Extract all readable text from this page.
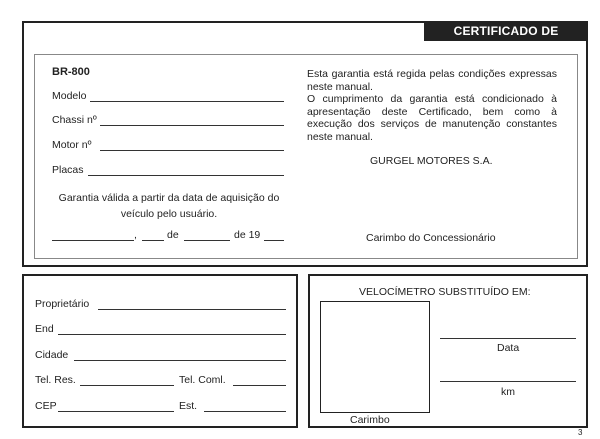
CERTIFICADO DE GARANTIA
BR-800
Modelo
Chassi nº
Motor nº
Placas
Garantia válida a partir da data de aquisição do veículo pelo usuário.
,	de	de 19
Esta garantia está regida pelas condições expressas neste manual.
O cumprimento da garantia está condicionado à apresentação deste Certificado, bem como à execução dos serviços de manutenção constantes neste manual.
GURGEL MOTORES S.A.
Carimbo do Concessionário
Proprietário
End
Cidade
Tel. Res.	Tel. Coml.
CEP	Est.
VELOCÍMETRO SUBSTITUÍDO EM:
Carimbo
Data
km
3
